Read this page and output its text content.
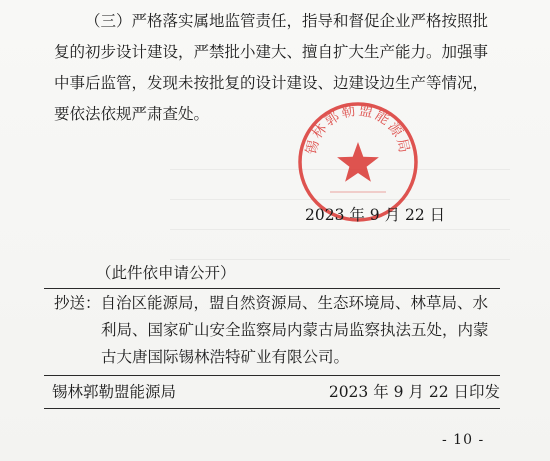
（三）严格落实属地监管责任，指导和督促企业严格按照批
复的初步设计建设，严禁批小建大、擅自扩大生产能力。加强事
中事后监管，发现未按批复的设计建设、边建设边生产等情况，
要依法依规严肃查处。
锡林郭勒盟能源局
2023 年 9 月 22 日
（此件依申请公开）
抄送：自治区能源局，盟自然资源局、生态环境局、林草局、水
利局、国家矿山安全监察局内蒙古局监察执法五处，内蒙
古大唐国际锡林浩特矿业有限公司。
锡林郭勒盟能源局	2023 年 9 月 22 日印发
- 10 -
